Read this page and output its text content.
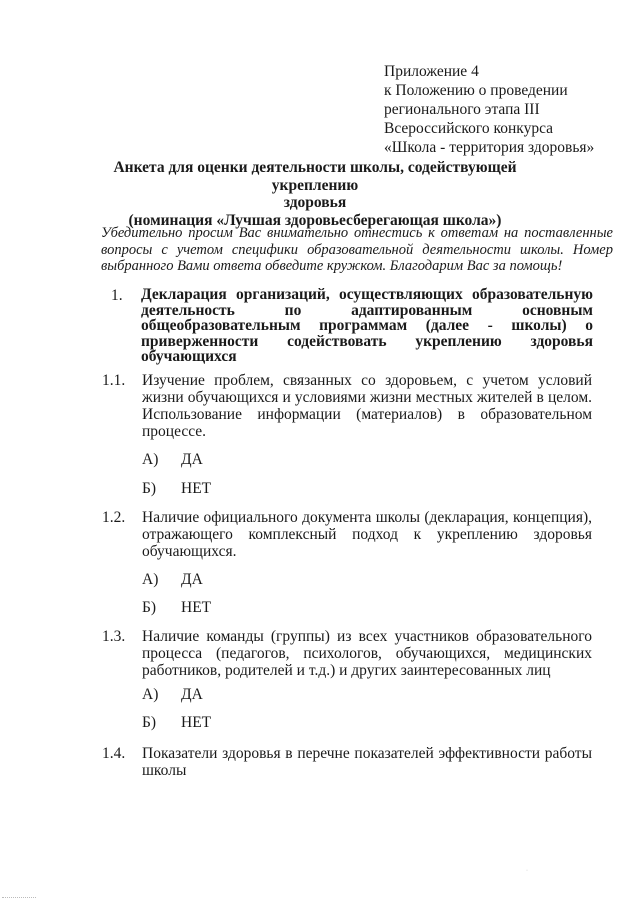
Приложение 4
к Положению о проведении
регионального этапа III
Всероссийского конкурса
«Школа - территория здоровья»
Анкета для оценки деятельности школы, содействующей укреплению
здоровья
(номинация «Лучшая здоровьесберегающая школа»)
Убедительно просим Вас внимательно отнестись к ответам на поставленные вопросы с учетом специфики образовательной деятельности школы. Номер выбранного Вами ответа обведите кружком. Благодарим Вас за помощь!
1. Декларация организаций, осуществляющих образовательную деятельность по адаптированным основным общеобразовательным программам (далее - школы) о приверженности содействовать укреплению здоровья обучающихся
1.1. Изучение проблем, связанных со здоровьем, с учетом условий жизни обучающихся и условиями жизни местных жителей в целом. Использование информации (материалов) в образовательном процессе.
А) ДА
Б) НЕТ
1.2. Наличие официального документа школы (декларация, концепция), отражающего комплексный подход к укреплению здоровья обучающихся.
А) ДА
Б) НЕТ
1.3. Наличие команды (группы) из всех участников образовательного процесса (педагогов, психологов, обучающихся, медицинских работников, родителей и т.д.) и других заинтересованных лиц
А) ДА
Б) НЕТ
1.4. Показатели здоровья в перечне показателей эффективности работы школы
·
